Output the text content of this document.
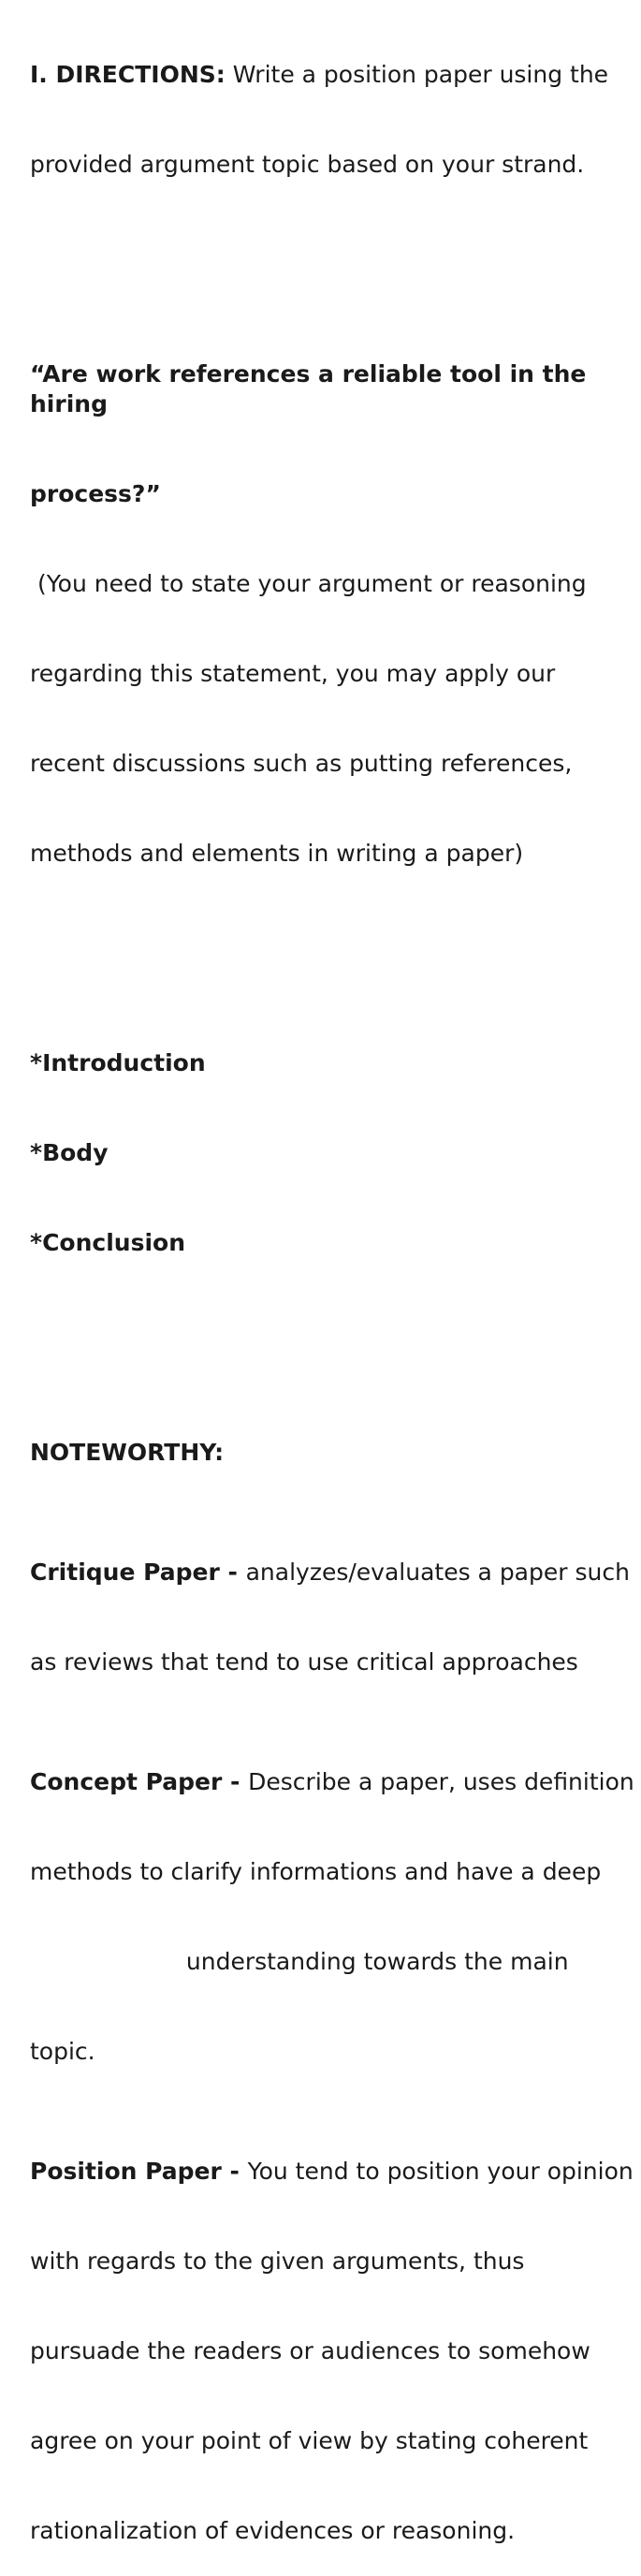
I. DIRECTIONS: Write a position paper using the

provided argument topic based on your strand.

“Are work references a reliable tool in the hiring

process?”

(You need to state your argument or reasoning

regarding this statement, you may apply our

recent discussions such as putting references,

methods and elements in writing a paper)

*Introduction

*Body

*Conclusion

NOTEWORTHY:

Critique Paper - analyzes/evaluates a paper such

as reviews that tend to use critical approaches

Concept Paper - Describe a paper, uses definition

methods to clarify informations and have a deep

understanding towards the main

topic.

Position Paper - You tend to position your opinion

with regards to the given arguments, thus

pursuade the readers or audiences to somehow

agree on your point of view by stating coherent

rationalization of evidences or reasoning.
